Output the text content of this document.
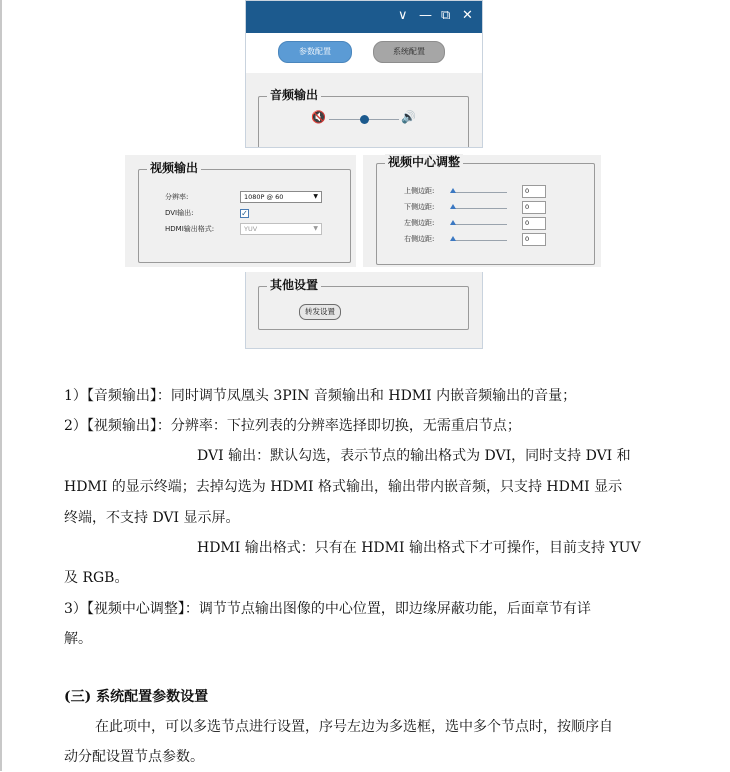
∨ — ⧉ ✕
参数配置	系统配置
音频输出
🔇	🔊
视频输出
分辨率:	1080P @ 60	▼
DVI输出:	✓
HDMI输出格式:	YUV	▼
视频中心调整
上侧边距:	0
下侧边距:	0
左侧边距:	0
右侧边距:	0
其他设置
转发设置
1）【音频输出】：同时调节凤凰头 3PIN 音频输出和 HDMI 内嵌音频输出的音量；
2）【视频输出】：分辨率：下拉列表的分辨率选择即切换，无需重启节点；
DVI 输出：默认勾选，表示节点的输出格式为 DVI，同时支持 DVI 和
HDMI 的显示终端；去掉勾选为 HDMI 格式输出，输出带内嵌音频，只支持 HDMI 显示
终端，不支持 DVI 显示屏。
HDMI 输出格式：只有在 HDMI 输出格式下才可操作，目前支持 YUV
及 RGB。
3）【视频中心调整】：调节节点输出图像的中心位置，即边缘屏蔽功能，后面章节有详
解。
(三) 系统配置参数设置
在此项中，可以多选节点进行设置，序号左边为多选框，选中多个节点时，按顺序自
动分配设置节点参数。
